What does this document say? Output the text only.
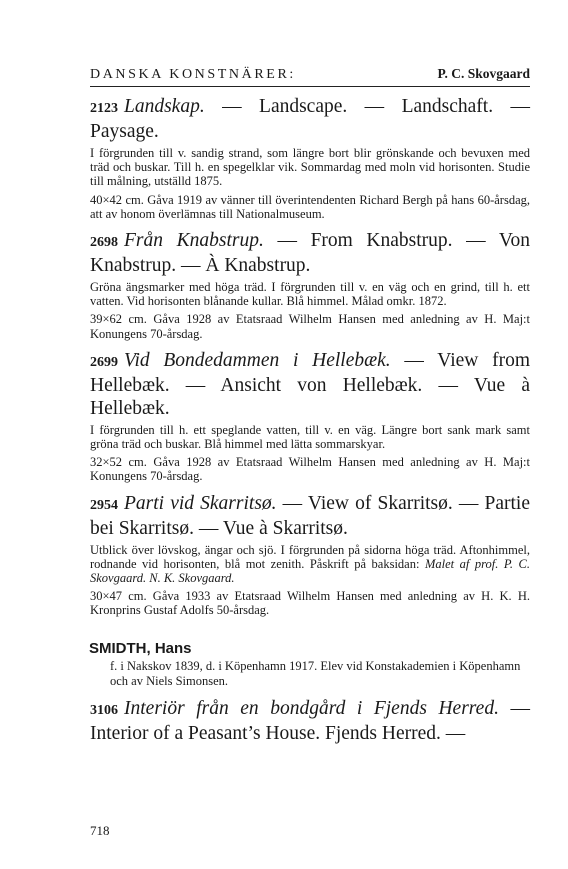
DANSKA KONSTNÄRER:	P. C. Skovgaard

2123 Landskap. — Landscape. — Landschaft. — Paysage.

I förgrunden till v. sandig strand, som längre bort blir grönskande och bevuxen med träd och buskar. Till h. en spegelklar vik. Sommardag med moln vid horisonten. Studie till målning, utställd 1875.

40×42 cm. Gåva 1919 av vänner till överintendenten Richard Bergh på hans 60-årsdag, att av honom överlämnas till Nationalmuseum.

2698 Från Knabstrup. — From Knabstrup. — Von Knabstrup. — À Knabstrup.

Gröna ängsmarker med höga träd. I förgrunden till v. en väg och en grind, till h. ett vatten. Vid horisonten blånande kullar. Blå himmel. Målad omkr. 1872.

39×62 cm. Gåva 1928 av Etatsraad Wilhelm Hansen med anledning av H. Maj:t Konungens 70-årsdag.

2699 Vid Bondedammen i Hellebæk. — View from Hellebæk. — Ansicht von Hellebæk. — Vue à Hellebæk.

I förgrunden till h. ett speglande vatten, till v. en väg. Längre bort sank mark samt gröna träd och buskar. Blå himmel med lätta sommarskyar.

32×52 cm. Gåva 1928 av Etatsraad Wilhelm Hansen med anledning av H. Maj:t Konungens 70-årsdag.

2954 Parti vid Skarritsø. — View of Skarritsø. — Partie bei Skarritsø. — Vue à Skarritsø.

Utblick över lövskog, ängar och sjö. I förgrunden på sidorna höga träd. Aftonhimmel, rodnande vid horisonten, blå mot zenith. Påskrift på baksidan: Malet af prof. P. C. Skovgaard. N. K. Skovgaard.

30×47 cm. Gåva 1933 av Etatsraad Wilhelm Hansen med anledning av H. K. H. Kronprins Gustaf Adolfs 50-årsdag.

SMIDTH, Hans

f. i Nakskov 1839, d. i Köpenhamn 1917. Elev vid Konstakademien i Köpenhamn och av Niels Simonsen.

3106 Interiör från en bondgård i Fjends Herred. — Interior of a Peasant’s House. Fjends Herred. —

718
